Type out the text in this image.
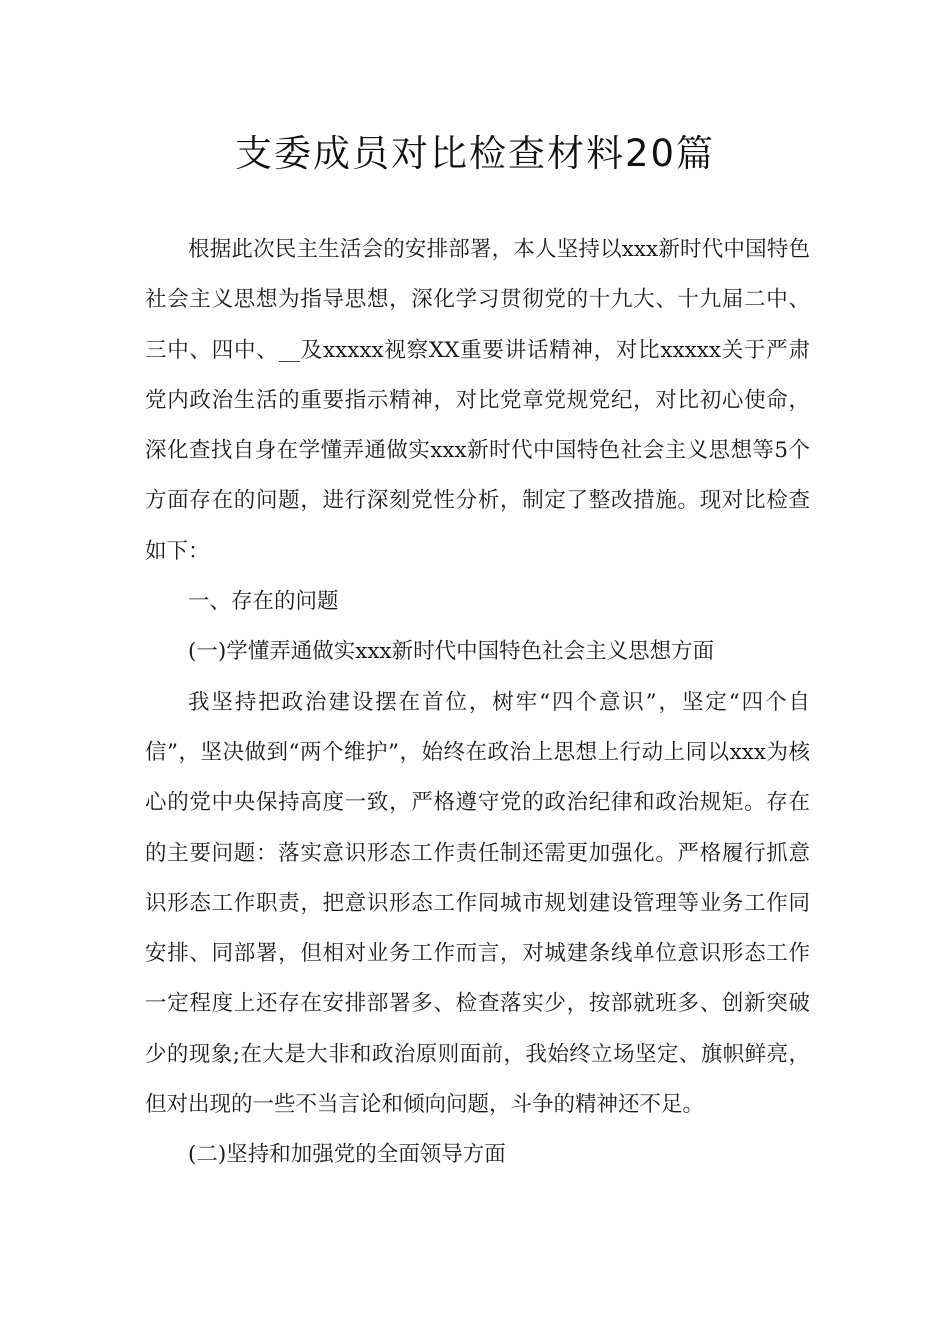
支委成员对比检查材料20篇

根据此次民主生活会的安排部署，本人坚持以xxx新时代中国特色社会主义思想为指导思想，深化学习贯彻党的十九大、十九届二中、三中、四中、__及xxxxx视察XX重要讲话精神，对比xxxxx关于严肃党内政治生活的重要指示精神，对比党章党规党纪，对比初心使命，深化查找自身在学懂弄通做实xxx新时代中国特色社会主义思想等5个方面存在的问题，进行深刻党性分析，制定了整改措施。现对比检查如下：

一、存在的问题

(一)学懂弄通做实xxx新时代中国特色社会主义思想方面

我坚持把政治建设摆在首位，树牢“四个意识”，坚定“四个自信”，坚决做到“两个维护”，始终在政治上思想上行动上同以xxx为核心的党中央保持高度一致，严格遵守党的政治纪律和政治规矩。存在的主要问题：落实意识形态工作责任制还需更加强化。严格履行抓意识形态工作职责，把意识形态工作同城市规划建设管理等业务工作同安排、同部署，但相对业务工作而言，对城建条线单位意识形态工作一定程度上还存在安排部署多、检查落实少，按部就班多、创新突破少的现象;在大是大非和政治原则面前，我始终立场坚定、旗帜鲜亮，但对出现的一些不当言论和倾向问题，斗争的精神还不足。

(二)坚持和加强党的全面领导方面
